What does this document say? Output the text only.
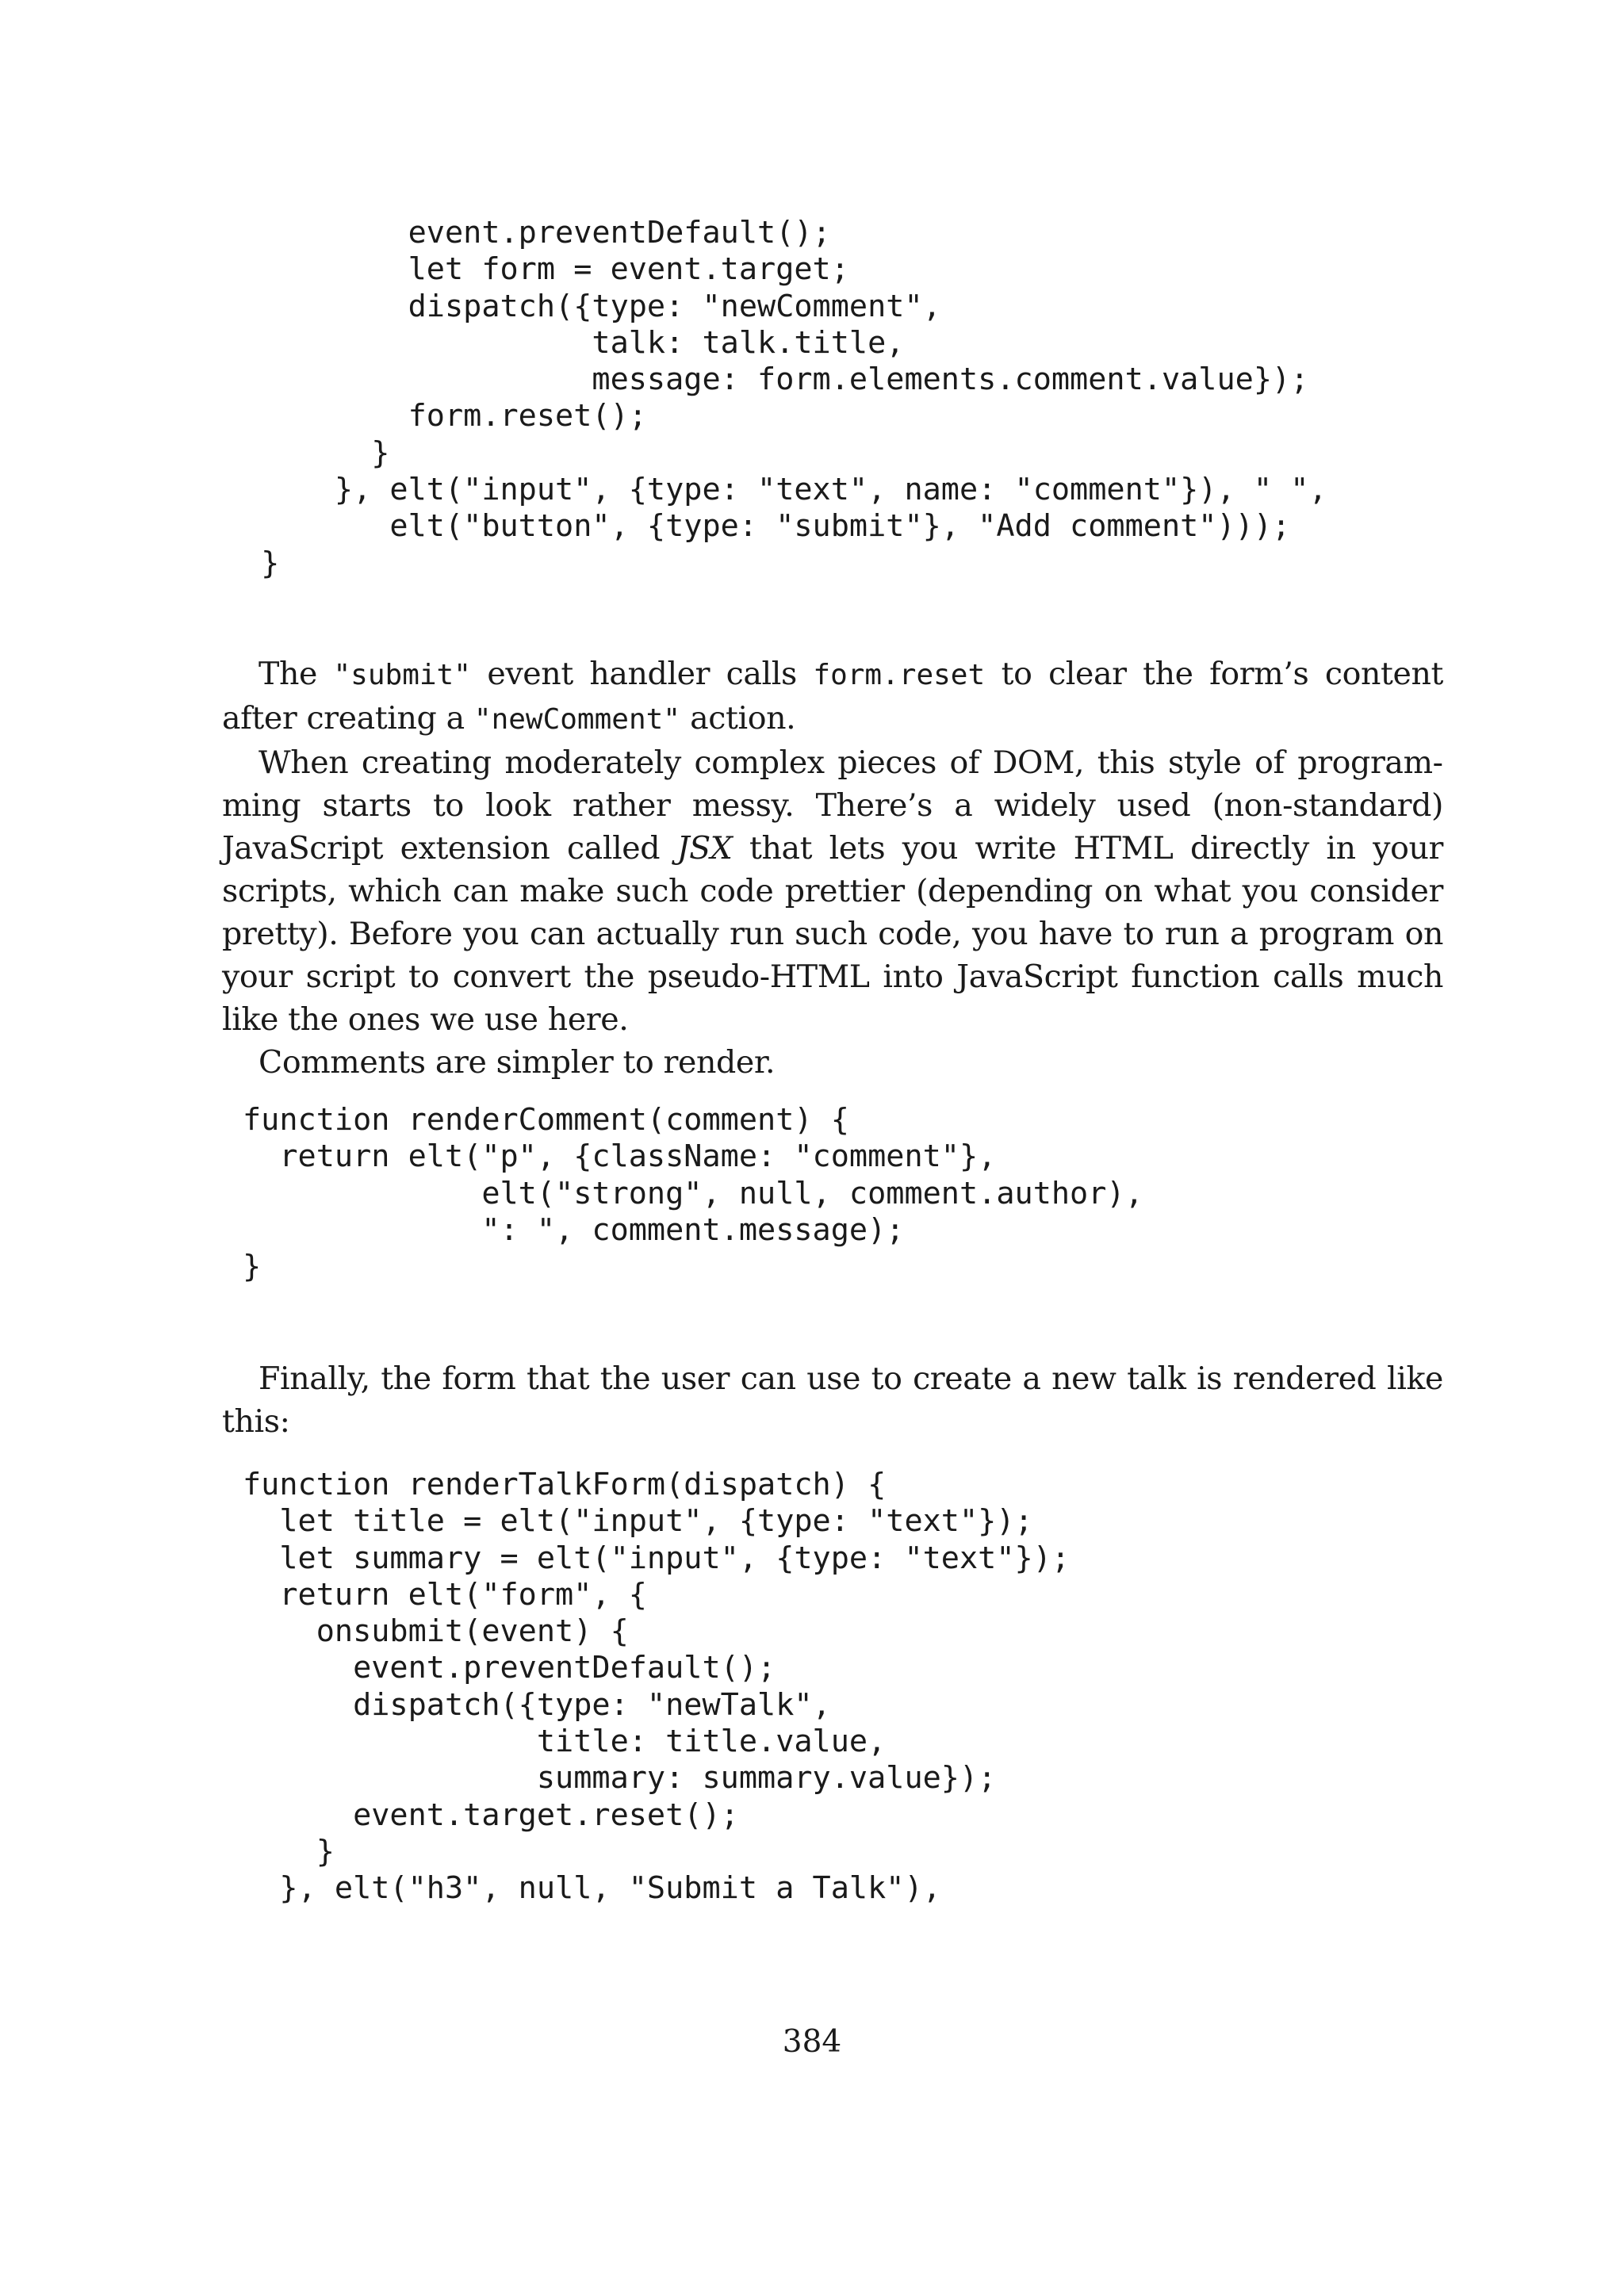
event.preventDefault();
let form = event.target;
dispatch({type: "newComment",
talk: talk.title,
message: form.elements.comment.value});
form.reset();
}
}, elt("input", {type: "text", name: "comment"}), " ",
elt("button", {type: "submit"}, "Add comment")));
}

The "submit" event handler calls form.reset to clear the form’s content after creating a "newComment" action.

When creating moderately complex pieces of DOM, this style of programming starts to look rather messy. There’s a widely used (non-standard) JavaScript extension called JSX that lets you write HTML directly in your scripts, which can make such code prettier (depending on what you consider pretty). Before you can actually run such code, you have to run a program on your script to convert the pseudo-HTML into JavaScript function calls much like the ones we use here.

Comments are simpler to render.

function renderComment(comment) {
return elt("p", {className: "comment"},
elt("strong", null, comment.author),
": ", comment.message);
}

Finally, the form that the user can use to create a new talk is rendered like this:

function renderTalkForm(dispatch) {
let title = elt("input", {type: "text"});
let summary = elt("input", {type: "text"});
return elt("form", {
onsubmit(event) {
event.preventDefault();
dispatch({type: "newTalk",
title: title.value,
summary: summary.value});
event.target.reset();
}
}, elt("h3", null, "Submit a Talk"),
384
